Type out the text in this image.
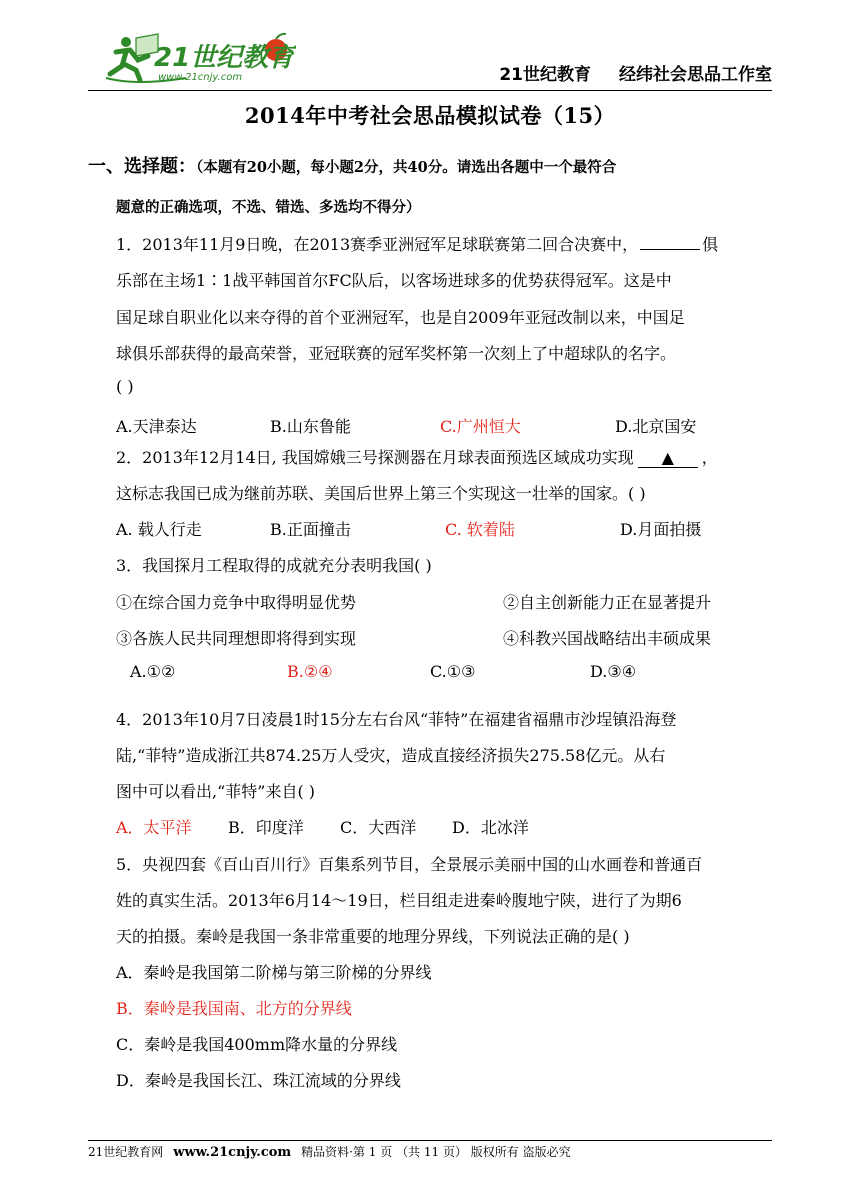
21世纪教育
www.21cnjy.com	21世纪教育 经纬社会思品工作室
2014年中考社会思品模拟试卷（15）
一、选择题：（本题有20小题，每小题2分，共40分。请选出各题中一个最符合
题意的正确选项，不选、错选、多选均不得分）
1．2013年11月9日晚，在2013赛季亚洲冠军足球联赛第二回合决赛中，	俱
乐部在主场1∶1战平韩国首尔FC队后，以客场进球多的优势获得冠军。这是中
国足球自职业化以来夺得的首个亚洲冠军，也是自2009年亚冠改制以来，中国足
球俱乐部获得的最高荣誉，亚冠联赛的冠军奖杯第一次刻上了中超球队的名字。
( )
A.天津泰达	B.山东鲁能	C.广州恒大	D.北京国安
2．2013年12月14日, 我国嫦娥三号探测器在月球表面预选区域成功实现 ▲ ，
这标志我国已成为继前苏联、美国后世界上第三个实现这一壮举的国家。( )
A. 载人行走	B.正面撞击	C. 软着陆	D.月面拍摄
3．我国探月工程取得的成就充分表明我国( )
①在综合国力竞争中取得明显优势	②自主创新能力正在显著提升
③各族人民共同理想即将得到实现	④科教兴国战略结出丰硕成果
A.①②	B.②④	C.①③	D.③④
4．2013年10月7日凌晨1时15分左右台风“菲特”在福建省福鼎市沙埕镇沿海登
陆,“菲特”造成浙江共874.25万人受灾，造成直接经济损失275.58亿元。从右
图中可以看出,“菲特”来自( )
A．太平洋 B．印度洋 C．大西洋 D．北冰洋
5．央视四套《百山百川行》百集系列节目，全景展示美丽中国的山水画卷和普通百
姓的真实生活。2013年6月14～19日，栏目组走进秦岭腹地宁陕，进行了为期6
天的拍摄。秦岭是我国一条非常重要的地理分界线，下列说法正确的是( )
A．秦岭是我国第二阶梯与第三阶梯的分界线
B．秦岭是我国南、北方的分界线
C．秦岭是我国400mm降水量的分界线
D．秦岭是我国长江、珠江流域的分界线
21世纪教育网 www.21cnjy.com 精品资料·第 1 页 （共 11 页） 版权所有 盗版必究
